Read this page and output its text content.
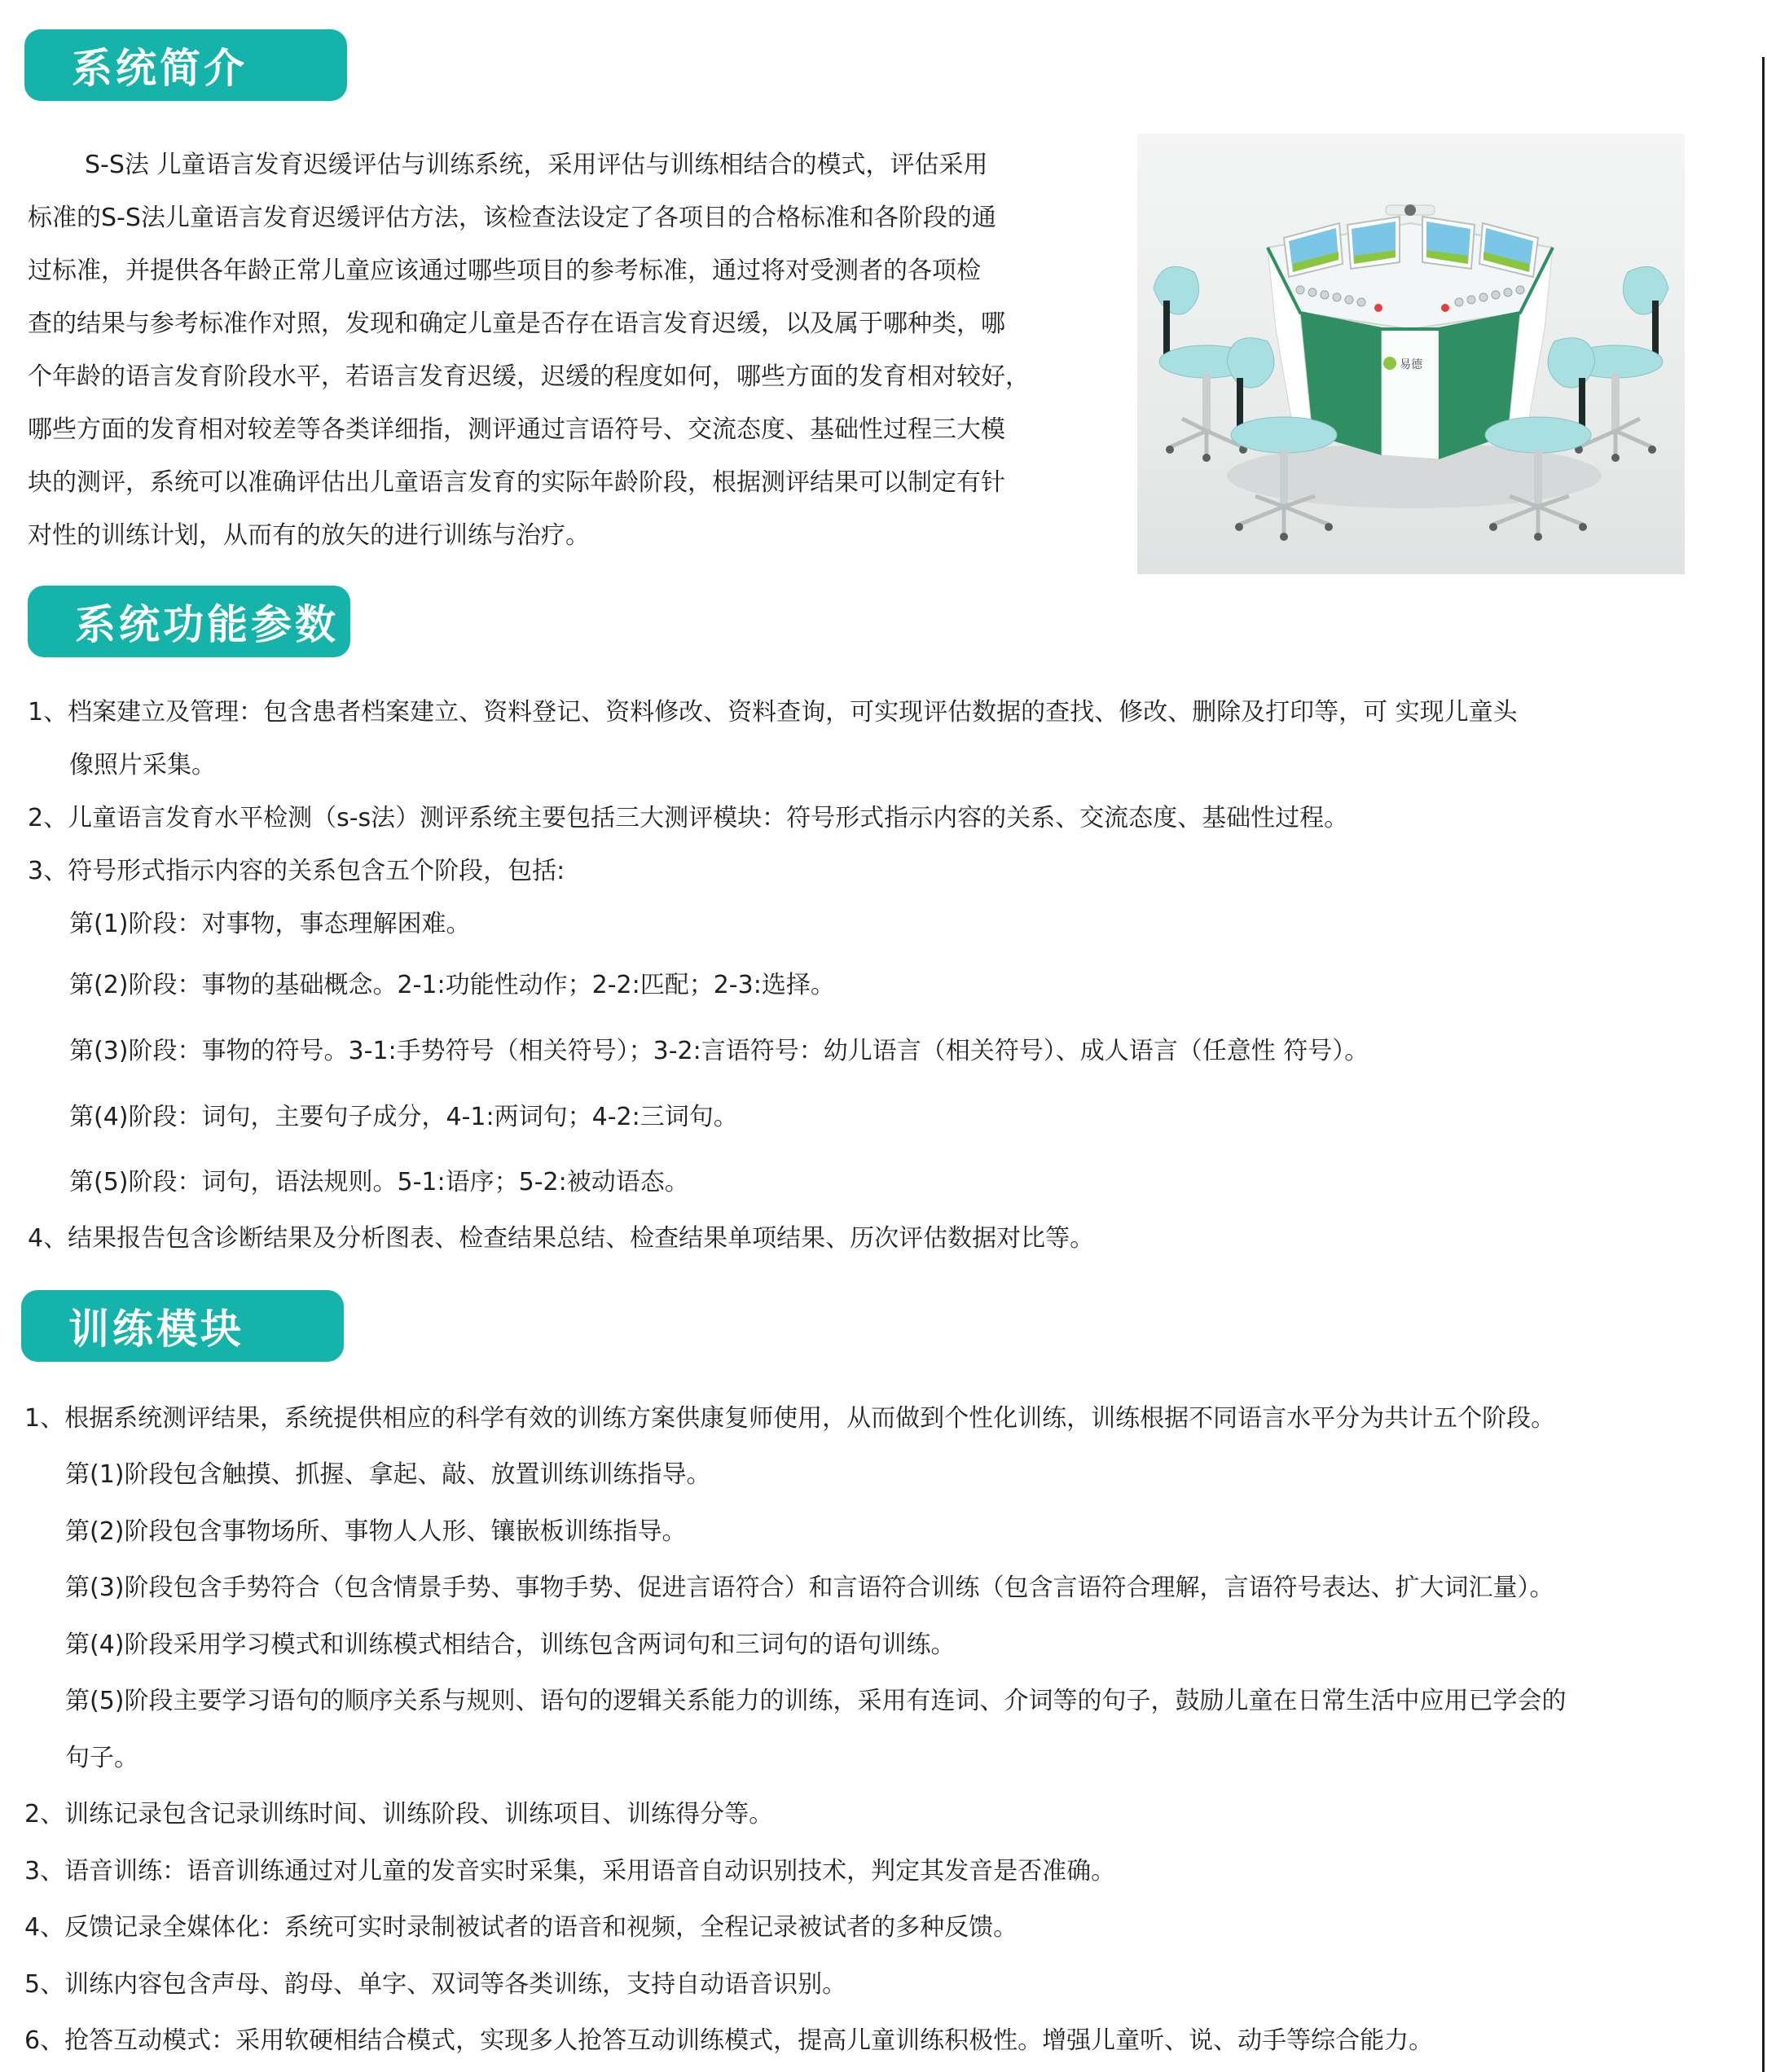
系统简介
S-S法 儿童语言发育迟缓评估与训练系统，采用评估与训练相结合的模式，评估采用
标准的S-S法儿童语言发育迟缓评估方法，该检查法设定了各项目的合格标准和各阶段的通
过标准，并提供各年龄正常儿童应该通过哪些项目的参考标准，通过将对受测者的各项检
查的结果与参考标准作对照，发现和确定儿童是否存在语言发育迟缓，以及属于哪种类，哪
个年龄的语言发育阶段水平，若语言发育迟缓，迟缓的程度如何，哪些方面的发育相对较好，
哪些方面的发育相对较差等各类详细指，测评通过言语符号、交流态度、基础性过程三大模
块的测评，系统可以准确评估出儿童语言发育的实际年龄阶段，根据测评结果可以制定有针
对性的训练计划，从而有的放矢的进行训练与治疗。
易德
系统功能参数
1、档案建立及管理：包含患者档案建立、资料登记、资料修改、资料查询，可实现评估数据的查找、修改、删除及打印等，可 实现儿童头
像照片采集。
2、儿童语言发育水平检测（s-s法）测评系统主要包括三大测评模块：符号形式指示内容的关系、交流态度、基础性过程。
3、符号形式指示内容的关系包含五个阶段，包括:
第(1)阶段：对事物，事态理解困难。
第(2)阶段：事物的基础概念。2-1:功能性动作；2-2:匹配；2-3:选择。
第(3)阶段：事物的符号。3-1:手势符号（相关符号）；3-2:言语符号：幼儿语言（相关符号）、成人语言（任意性 符号）。
第(4)阶段：词句，主要句子成分，4-1:两词句；4-2:三词句。
第(5)阶段：词句，语法规则。5-1:语序；5-2:被动语态。
4、结果报告包含诊断结果及分析图表、检查结果总结、检查结果单项结果、历次评估数据对比等。
训练模块
1、根据系统测评结果，系统提供相应的科学有效的训练方案供康复师使用，从而做到个性化训练，训练根据不同语言水平分为共计五个阶段。
第(1)阶段包含触摸、抓握、拿起、敲、放置训练训练指导。
第(2)阶段包含事物场所、事物人人形、镶嵌板训练指导。
第(3)阶段包含手势符合（包含情景手势、事物手势、促进言语符合）和言语符合训练（包含言语符合理解，言语符号表达、扩大词汇量）。
第(4)阶段采用学习模式和训练模式相结合，训练包含两词句和三词句的语句训练。
第(5)阶段主要学习语句的顺序关系与规则、语句的逻辑关系能力的训练，采用有连词、介词等的句子，鼓励儿童在日常生活中应用已学会的
句子。
2、训练记录包含记录训练时间、训练阶段、训练项目、训练得分等。
3、语音训练：语音训练通过对儿童的发音实时采集，采用语音自动识别技术，判定其发音是否准确。
4、反馈记录全媒体化：系统可实时录制被试者的语音和视频，全程记录被试者的多种反馈。
5、训练内容包含声母、韵母、单字、双词等各类训练，支持自动语音识别。
6、抢答互动模式：采用软硬相结合模式，实现多人抢答互动训练模式，提高儿童训练积极性。增强儿童听、说、动手等综合能力。
